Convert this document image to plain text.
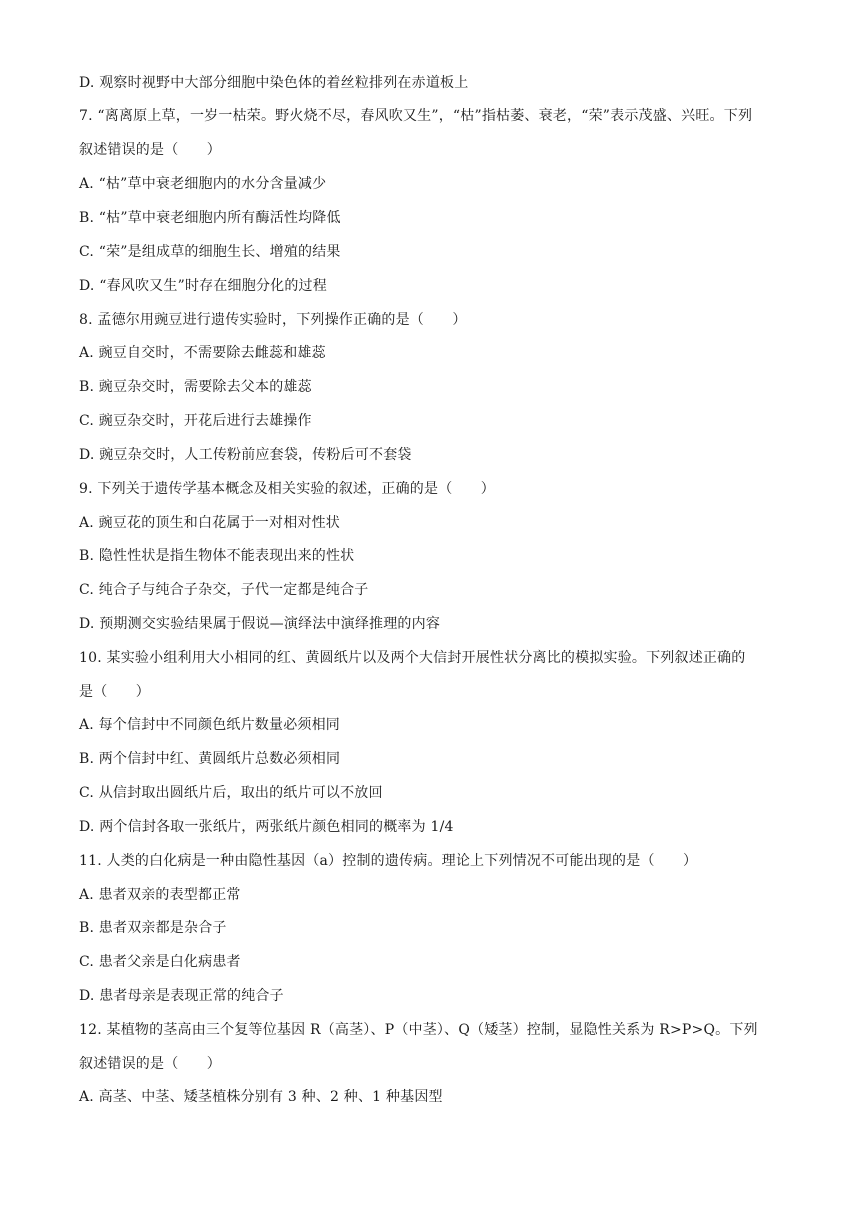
D. 观察时视野中大部分细胞中染色体的着丝粒排列在赤道板上
7. “离离原上草，一岁一枯荣。野火烧不尽，春风吹又生”，“枯”指枯萎、衰老，“荣”表示茂盛、兴旺。下列
叙述错误的是（　　）
A. “枯”草中衰老细胞内的水分含量减少
B. “枯”草中衰老细胞内所有酶活性均降低
C. “荣”是组成草的细胞生长、增殖的结果
D. “春风吹又生”时存在细胞分化的过程
8. 孟德尔用豌豆进行遗传实验时，下列操作正确的是（　　）
A. 豌豆自交时，不需要除去雌蕊和雄蕊
B. 豌豆杂交时，需要除去父本的雄蕊
C. 豌豆杂交时，开花后进行去雄操作
D. 豌豆杂交时，人工传粉前应套袋，传粉后可不套袋
9. 下列关于遗传学基本概念及相关实验的叙述，正确的是（　　）
A. 豌豆花的顶生和白花属于一对相对性状
B. 隐性性状是指生物体不能表现出来的性状
C. 纯合子与纯合子杂交，子代一定都是纯合子
D. 预期测交实验结果属于假说—演绎法中演绎推理的内容
10. 某实验小组利用大小相同的红、黄圆纸片以及两个大信封开展性状分离比的模拟实验。下列叙述正确的
是（　　）
A. 每个信封中不同颜色纸片数量必须相同
B. 两个信封中红、黄圆纸片总数必须相同
C. 从信封取出圆纸片后，取出的纸片可以不放回
D. 两个信封各取一张纸片，两张纸片颜色相同的概率为 1/4
11. 人类的白化病是一种由隐性基因（a）控制的遗传病。理论上下列情况不可能出现的是（　　）
A. 患者双亲的表型都正常
B. 患者双亲都是杂合子
C. 患者父亲是白化病患者
D. 患者母亲是表现正常的纯合子
12. 某植物的茎高由三个复等位基因 R（高茎）、P（中茎）、Q（矮茎）控制，显隐性关系为 R>P>Q。下列
叙述错误的是（　　）
A. 高茎、中茎、矮茎植株分别有 3 种、2 种、1 种基因型
